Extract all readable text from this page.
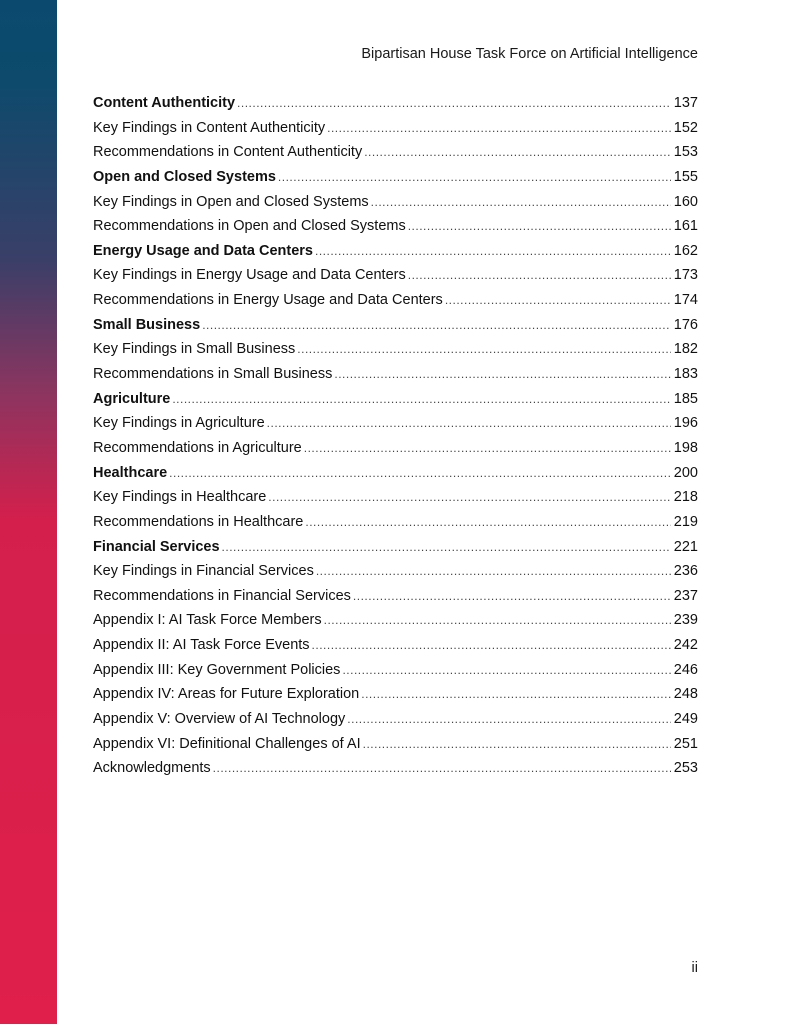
Bipartisan House Task Force on Artificial Intelligence
Content Authenticity .....	137
Key Findings in Content Authenticity .....	152
Recommendations in Content Authenticity .....	153
Open and Closed Systems .....	155
Key Findings in Open and Closed Systems .....	160
Recommendations in Open and Closed Systems .....	161
Energy Usage and Data Centers .....	162
Key Findings in Energy Usage and Data Centers .....	173
Recommendations in Energy Usage and Data Centers .....	174
Small Business .....	176
Key Findings in Small Business .....	182
Recommendations in Small Business .....	183
Agriculture .....	185
Key Findings in Agriculture .....	196
Recommendations in Agriculture .....	198
Healthcare .....	200
Key Findings in Healthcare .....	218
Recommendations in Healthcare .....	219
Financial Services .....	221
Key Findings in Financial Services .....	236
Recommendations in Financial Services .....	237
Appendix I: AI Task Force Members .....	239
Appendix II: AI Task Force Events .....	242
Appendix III: Key Government Policies .....	246
Appendix IV: Areas for Future Exploration .....	248
Appendix V: Overview of AI Technology .....	249
Appendix VI: Definitional Challenges of AI .....	251
Acknowledgments .....	253
ii
